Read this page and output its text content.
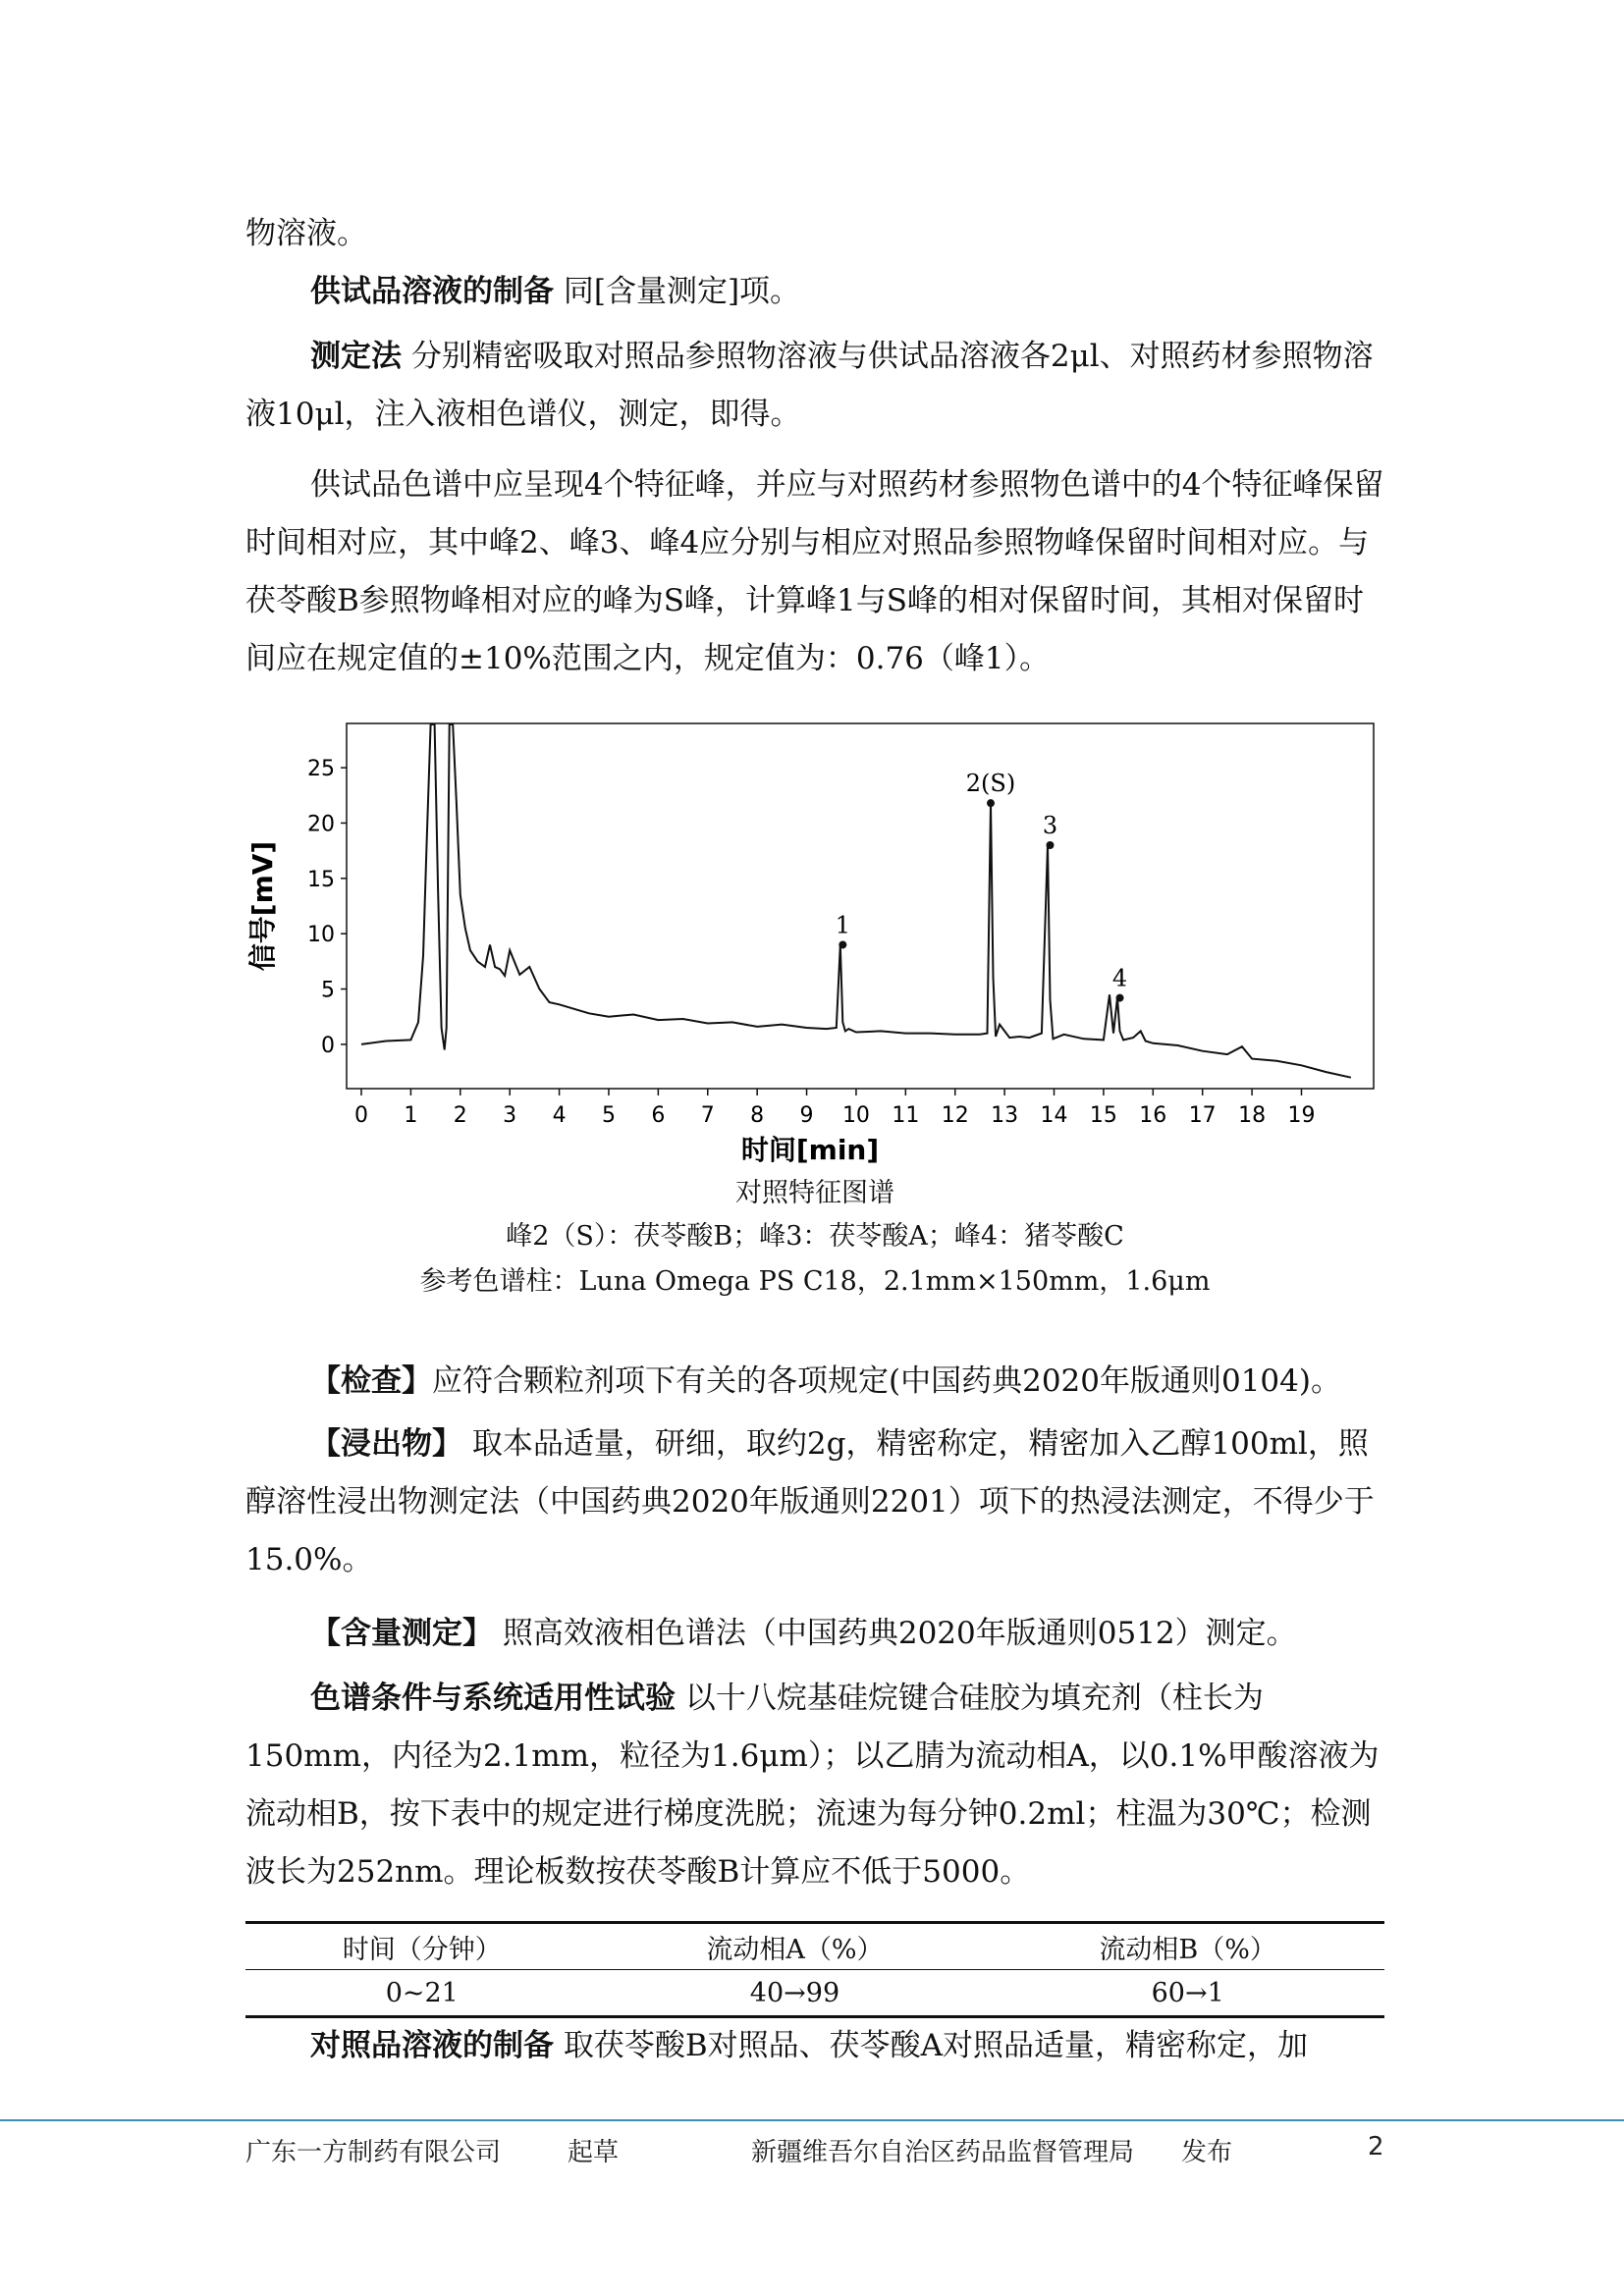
物溶液。
供试品溶液的制备 同[含量测定]项。
测定法 分别精密吸取对照品参照物溶液与供试品溶液各2μl、对照药材参照物溶液10μl，注入液相色谱仪，测定，即得。
供试品色谱中应呈现4个特征峰，并应与对照药材参照物色谱中的4个特征峰保留时间相对应，其中峰2、峰3、峰4应分别与相应对照品参照物峰保留时间相对应。与茯苓酸B参照物峰相对应的峰为S峰，计算峰1与S峰的相对保留时间，其相对保留时间应在规定值的±10%范围之内，规定值为：0.76（峰1）。
0
5
10
15
20
25
0 1 2 3 4 5 6 7 8 9 10 11 12 13 14 15 16 17 18 19
1
2(S)
3
4
信号[mV]
时间[min]
对照特征图谱
峰2（S）：茯苓酸B；峰3：茯苓酸A；峰4：猪苓酸C
参考色谱柱：Luna Omega PS C18，2.1mm×150mm，1.6μm
【检查】应符合颗粒剂项下有关的各项规定(中国药典2020年版通则0104)。
【浸出物】 取本品适量，研细，取约2g，精密称定，精密加入乙醇100ml，照醇溶性浸出物测定法（中国药典2020年版通则2201）项下的热浸法测定，不得少于15.0%。
【含量测定】 照高效液相色谱法（中国药典2020年版通则0512）测定。
色谱条件与系统适用性试验 以十八烷基硅烷键合硅胶为填充剂（柱长为150mm，内径为2.1mm，粒径为1.6μm）；以乙腈为流动相A，以0.1%甲酸溶液为流动相B，按下表中的规定进行梯度洗脱；流速为每分钟0.2ml；柱温为30℃；检测波长为252nm。理论板数按茯苓酸B计算应不低于5000。
时间（分钟）	流动相A（%）	流动相B（%）
0~21	40→99	60→1
对照品溶液的制备 取茯苓酸B对照品、茯苓酸A对照品适量，精密称定，加
广东一方制药有限公司	起草	新疆维吾尔自治区药品监督管理局 发布	2
